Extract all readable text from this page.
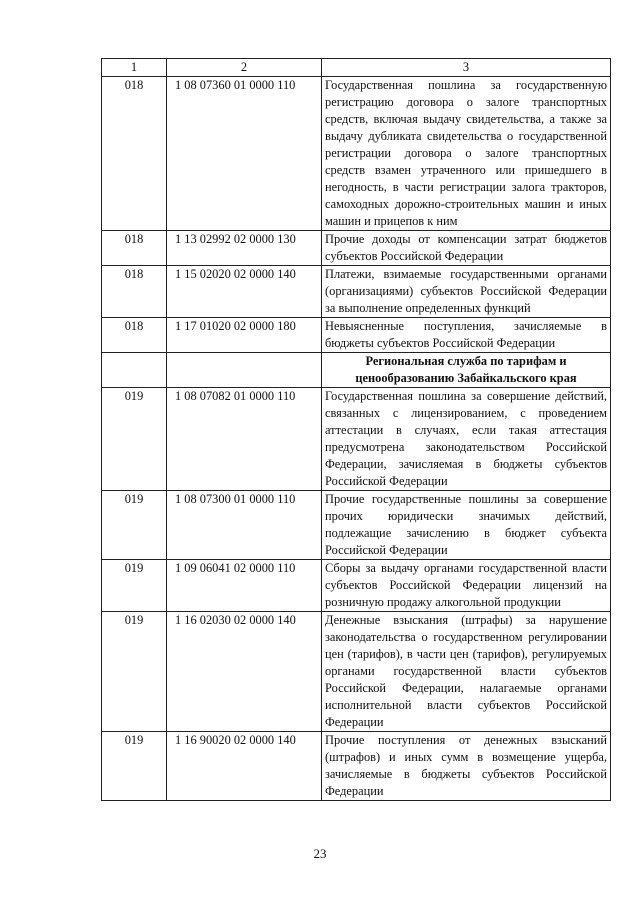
1	2	3
018	1 08 07360 01 0000 110	Государственная пошлина за государственную регистрацию договора о залоге транспортных средств, включая выдачу свидетельства, а также за выдачу дубликата свидетельства о государственной регистрации договора о залоге транспортных средств взамен утраченного или пришедшего в негодность, в части регистрации залога тракторов, самоходных дорожно-строительных машин и иных машин и прицепов к ним
018	1 13 02992 02 0000 130	Прочие доходы от компенсации затрат бюджетов субъектов Российской Федерации
018	1 15 02020 02 0000 140	Платежи, взимаемые государственными органами (организациями) субъектов Российской Федерации за выполнение определенных функций
018	1 17 01020 02 0000 180	Невыясненные поступления, зачисляемые в бюджеты субъектов Российской Федерации
		Региональная служба по тарифам и ценообразованию Забайкальского края
019	1 08 07082 01 0000 110	Государственная пошлина за совершение действий, связанных с лицензированием, с проведением аттестации в случаях, если такая аттестация предусмотрена законодательством Российской Федерации, зачисляемая в бюджеты субъектов Российской Федерации
019	1 08 07300 01 0000 110	Прочие государственные пошлины за совершение прочих юридически значимых действий, подлежащие зачислению в бюджет субъекта Российской Федерации
019	1 09 06041 02 0000 110	Сборы за выдачу органами государственной власти субъектов Российской Федерации лицензий на розничную продажу алкогольной продукции
019	1 16 02030 02 0000 140	Денежные взыскания (штрафы) за нарушение законодательства о государственном регулировании цен (тарифов), в части цен (тарифов), регулируемых органами государственной власти субъектов Российской Федерации, налагаемые органами исполнительной власти субъектов Российской Федерации
019	1 16 90020 02 0000 140	Прочие поступления от денежных взысканий (штрафов) и иных сумм в возмещение ущерба, зачисляемые в бюджеты субъектов Российской Федерации
23
